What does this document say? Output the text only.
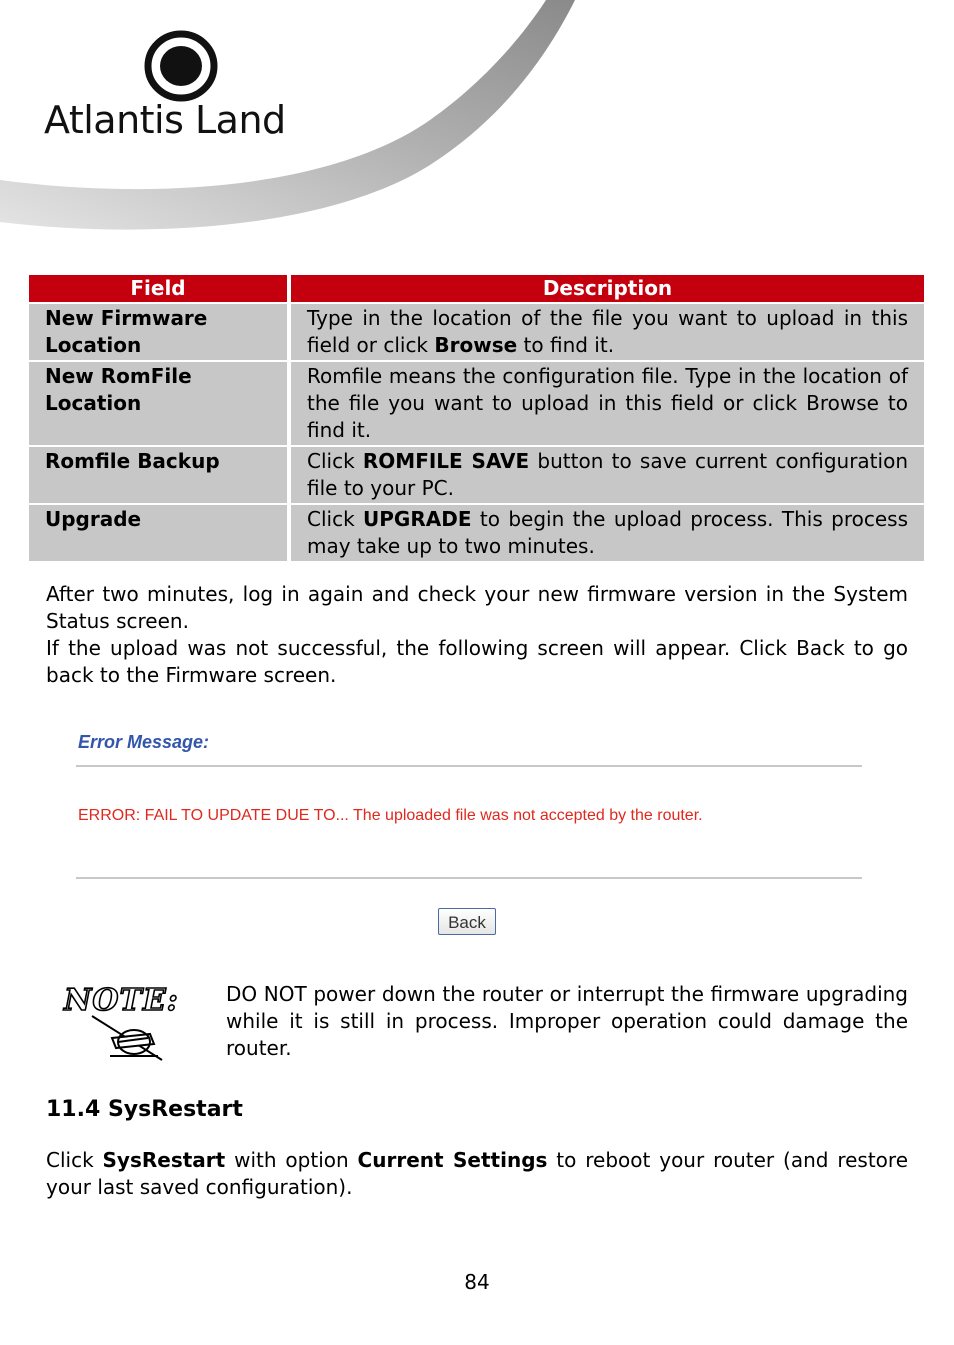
Atlantis Land
Field	Description
New Firmware Location	Type in the location of the file you want to upload in this field or click Browse to find it.
New RomFile Location	Romfile means the configuration file. Type in the location of the file you want to upload in this field or click Browse to find it.
Romfile Backup	Click ROMFILE SAVE button to save current configuration file to your PC.
Upgrade	Click UPGRADE to begin the upload process. This process may take up to two minutes.
After two minutes, log in again and check your new firmware version in the System Status screen.
If the upload was not successful, the following screen will appear. Click Back to go back to the Firmware screen.
Error Message:
ERROR: FAIL TO UPDATE DUE TO... The uploaded file was not accepted by the router.
Back
NOTE: DO NOT power down the router or interrupt the firmware upgrading while it is still in process. Improper operation could damage the router.
11.4 SysRestart
Click SysRestart with option Current Settings to reboot your router (and restore your last saved configuration).
84
